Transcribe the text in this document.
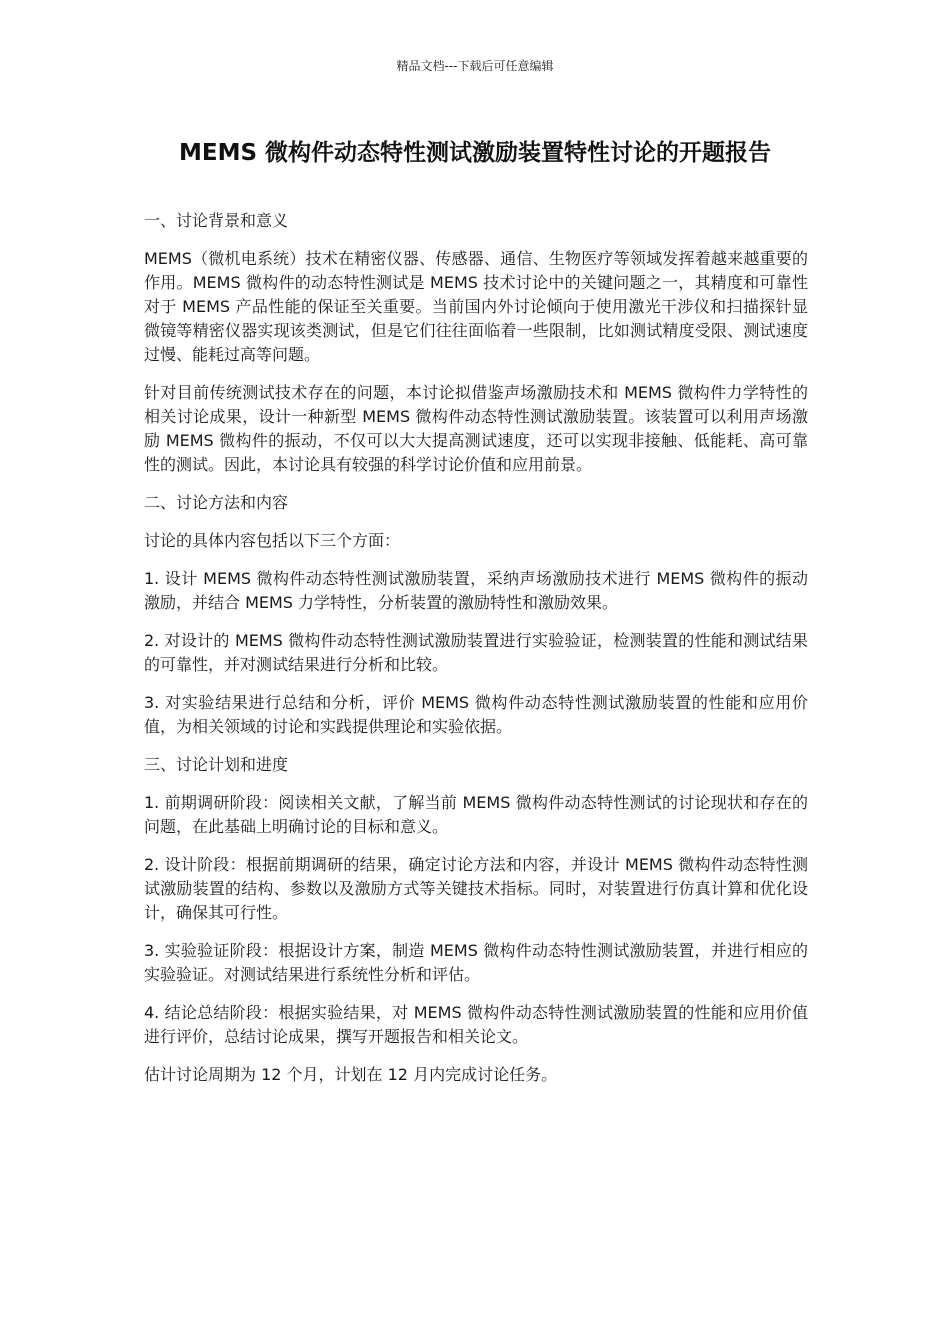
精品文档---下载后可任意编辑
MEMS 微构件动态特性测试激励装置特性讨论的开题报告

一、讨论背景和意义

MEMS（微机电系统）技术在精密仪器、传感器、通信、生物医疗等领域发挥着越来越重要的作用。MEMS 微构件的动态特性测试是 MEMS 技术讨论中的关键问题之一，其精度和可靠性对于 MEMS 产品性能的保证至关重要。当前国内外讨论倾向于使用激光干涉仪和扫描探针显微镜等精密仪器实现该类测试，但是它们往往面临着一些限制，比如测试精度受限、测试速度过慢、能耗过高等问题。

针对目前传统测试技术存在的问题，本讨论拟借鉴声场激励技术和 MEMS 微构件力学特性的相关讨论成果，设计一种新型 MEMS 微构件动态特性测试激励装置。该装置可以利用声场激励 MEMS 微构件的振动，不仅可以大大提高测试速度，还可以实现非接触、低能耗、高可靠性的测试。因此，本讨论具有较强的科学讨论价值和应用前景。

二、讨论方法和内容

讨论的具体内容包括以下三个方面：

1. 设计 MEMS 微构件动态特性测试激励装置，采纳声场激励技术进行 MEMS 微构件的振动激励，并结合 MEMS 力学特性，分析装置的激励特性和激励效果。

2. 对设计的 MEMS 微构件动态特性测试激励装置进行实验验证，检测装置的性能和测试结果的可靠性，并对测试结果进行分析和比较。

3. 对实验结果进行总结和分析，评价 MEMS 微构件动态特性测试激励装置的性能和应用价值，为相关领域的讨论和实践提供理论和实验依据。

三、讨论计划和进度

1. 前期调研阶段：阅读相关文献，了解当前 MEMS 微构件动态特性测试的讨论现状和存在的问题，在此基础上明确讨论的目标和意义。

2. 设计阶段：根据前期调研的结果，确定讨论方法和内容，并设计 MEMS 微构件动态特性测试激励装置的结构、参数以及激励方式等关键技术指标。同时，对装置进行仿真计算和优化设计，确保其可行性。

3. 实验验证阶段：根据设计方案，制造 MEMS 微构件动态特性测试激励装置，并进行相应的实验验证。对测试结果进行系统性分析和评估。

4. 结论总结阶段：根据实验结果，对 MEMS 微构件动态特性测试激励装置的性能和应用价值进行评价，总结讨论成果，撰写开题报告和相关论文。

估计讨论周期为 12 个月，计划在 12 月内完成讨论任务。
